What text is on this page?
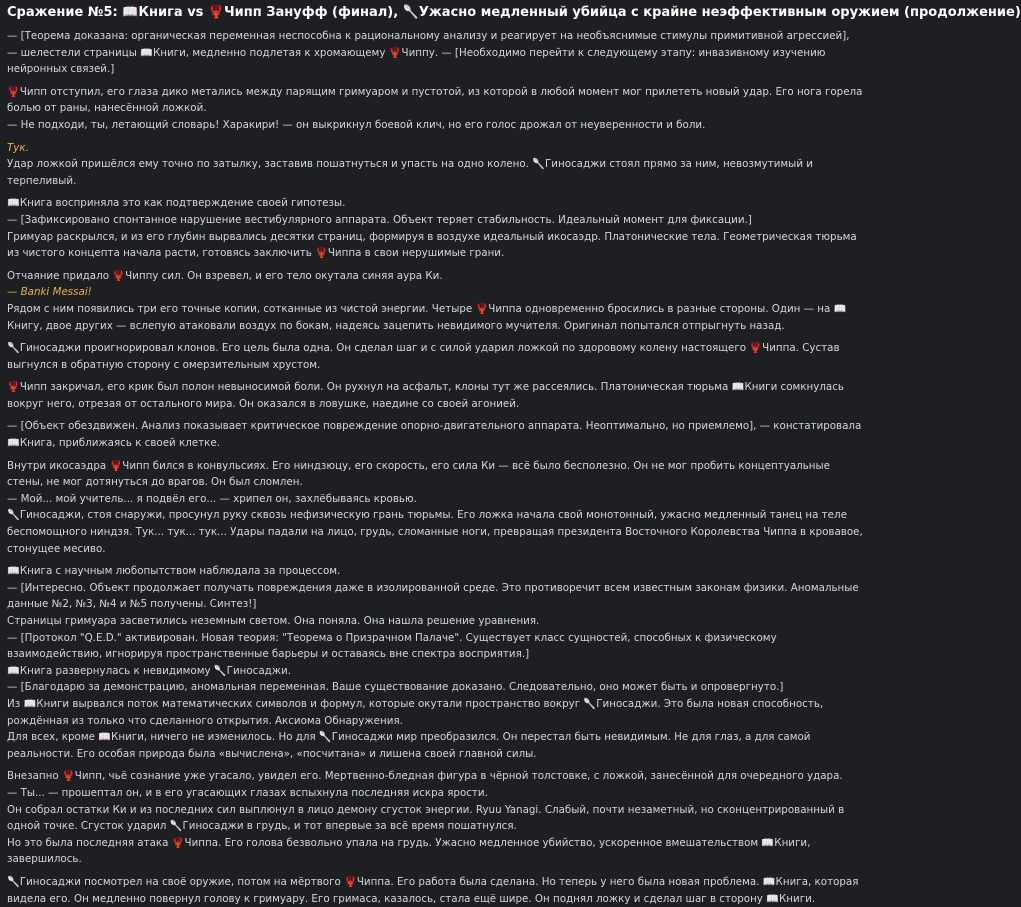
Сражение №5: 📖Книга vs 🦞Чипп Зануфф (финал), 🥄Ужасно медленный убийца с крайне неэффективным оружием (продолжение)
— [Теорема доказана: органическая переменная неспособна к рациональному анализу и реагирует на необъяснимые стимулы примитивной агрессией], — шелестели страницы 📖Книги, медленно подлетая к хромающему 🦞Чиппу. — [Необходимо перейти к следующему этапу: инвазивному изучению нейронных связей.]
🦞Чипп отступил, его глаза дико метались между парящим гримуаром и пустотой, из которой в любой момент мог прилететь новый удар. Его нога горела болью от раны, нанесённой ложкой.
— Не подходи, ты, летающий словарь! Харакири! — он выкрикнул боевой клич, но его голос дрожал от неуверенности и боли.
Тук.
Удар ложкой пришёлся ему точно по затылку, заставив пошатнуться и упасть на одно колено. 🥄Гиносаджи стоял прямо за ним, невозмутимый и терпеливый.
📖Книга восприняла это как подтверждение своей гипотезы.
— [Зафиксировано спонтанное нарушение вестибулярного аппарата. Объект теряет стабильность. Идеальный момент для фиксации.]
Гримуар раскрылся, и из его глубин вырвались десятки страниц, формируя в воздухе идеальный икосаэдр. Платонические тела. Геометрическая тюрьма из чистого концепта начала расти, готовясь заключить 🦞Чиппа в свои нерушимые грани.
Отчаяние придало 🦞Чиппу сил. Он взревел, и его тело окутала синяя аура Ки.
— Banki Messai!
Рядом с ним появились три его точные копии, сотканные из чистой энергии. Четыре 🦞Чиппа одновременно бросились в разные стороны. Один — на 📖Книгу, двое других — вслепую атаковали воздух по бокам, надеясь зацепить невидимого мучителя. Оригинал попытался отпрыгнуть назад.
🥄Гиносаджи проигнорировал клонов. Его цель была одна. Он сделал шаг и с силой ударил ложкой по здоровому колену настоящего 🦞Чиппа. Сустав выгнулся в обратную сторону с омерзительным хрустом.
🦞Чипп закричал, его крик был полон невыносимой боли. Он рухнул на асфальт, клоны тут же рассеялись. Платоническая тюрьма 📖Книги сомкнулась вокруг него, отрезая от остального мира. Он оказался в ловушке, наедине со своей агонией.
— [Объект обездвижен. Анализ показывает критическое повреждение опорно-двигательного аппарата. Неоптимально, но приемлемо], — констатировала 📖Книга, приближаясь к своей клетке.
Внутри икосаэдра 🦞Чипп бился в конвульсиях. Его ниндзюцу, его скорость, его сила Ки — всё было бесполезно. Он не мог пробить концептуальные стены, не мог дотянуться до врагов. Он был сломлен.
— Мой... мой учитель... я подвёл его... — хрипел он, захлёбываясь кровью.
🥄Гиносаджи, стоя снаружи, просунул руку сквозь нефизическую грань тюрьмы. Его ложка начала свой монотонный, ужасно медленный танец на теле беспомощного ниндзя. Тук... тук... тук... Удары падали на лицо, грудь, сломанные ноги, превращая президента Восточного Королевства Чиппа в кровавое, стонущее месиво.
📖Книга с научным любопытством наблюдала за процессом.
— [Интересно. Объект продолжает получать повреждения даже в изолированной среде. Это противоречит всем известным законам физики. Аномальные данные №2, №3, №4 и №5 получены. Синтез!]
Страницы гримуара засветились неземным светом. Она поняла. Она нашла решение уравнения.
— [Протокол "Q.E.D." активирован. Новая теория: "Теорема о Призрачном Палаче". Существует класс сущностей, способных к физическому взаимодействию, игнорируя пространственные барьеры и оставаясь вне спектра восприятия.]
📖Книга развернулась к невидимому 🥄Гиносаджи.
— [Благодарю за демонстрацию, аномальная переменная. Ваше существование доказано. Следовательно, оно может быть и опровергнуто.]
Из 📖Книги вырвался поток математических символов и формул, которые окутали пространство вокруг 🥄Гиносаджи. Это была новая способность, рождённая из только что сделанного открытия. Аксиома Обнаружения.
Для всех, кроме 📖Книги, ничего не изменилось. Но для 🥄Гиносаджи мир преобразился. Он перестал быть невидимым. Не для глаз, а для самой реальности. Его особая природа была «вычислена», «посчитана» и лишена своей главной силы.
Внезапно 🦞Чипп, чьё сознание уже угасало, увидел его. Мертвенно-бледная фигура в чёрной толстовке, с ложкой, занесённой для очередного удара.
— Ты... — прошептал он, и в его угасающих глазах вспыхнула последняя искра ярости.
Он собрал остатки Ки и из последних сил выплюнул в лицо демону сгусток энергии. Ryuu Yanagi. Слабый, почти незаметный, но сконцентрированный в одной точке. Сгусток ударил 🥄Гиносаджи в грудь, и тот впервые за всё время пошатнулся.
Но это была последняя атака 🦞Чиппа. Его голова безвольно упала на грудь. Ужасно медленное убийство, ускоренное вмешательством 📖Книги, завершилось.
🥄Гиносаджи посмотрел на своё оружие, потом на мёртвого 🦞Чиппа. Его работа была сделана. Но теперь у него была новая проблема. 📖Книга, которая видела его. Он медленно повернул голову к гримуару. Его гримаса, казалось, стала ещё шире. Он поднял ложку и сделал шаг в сторону 📖Книги.
